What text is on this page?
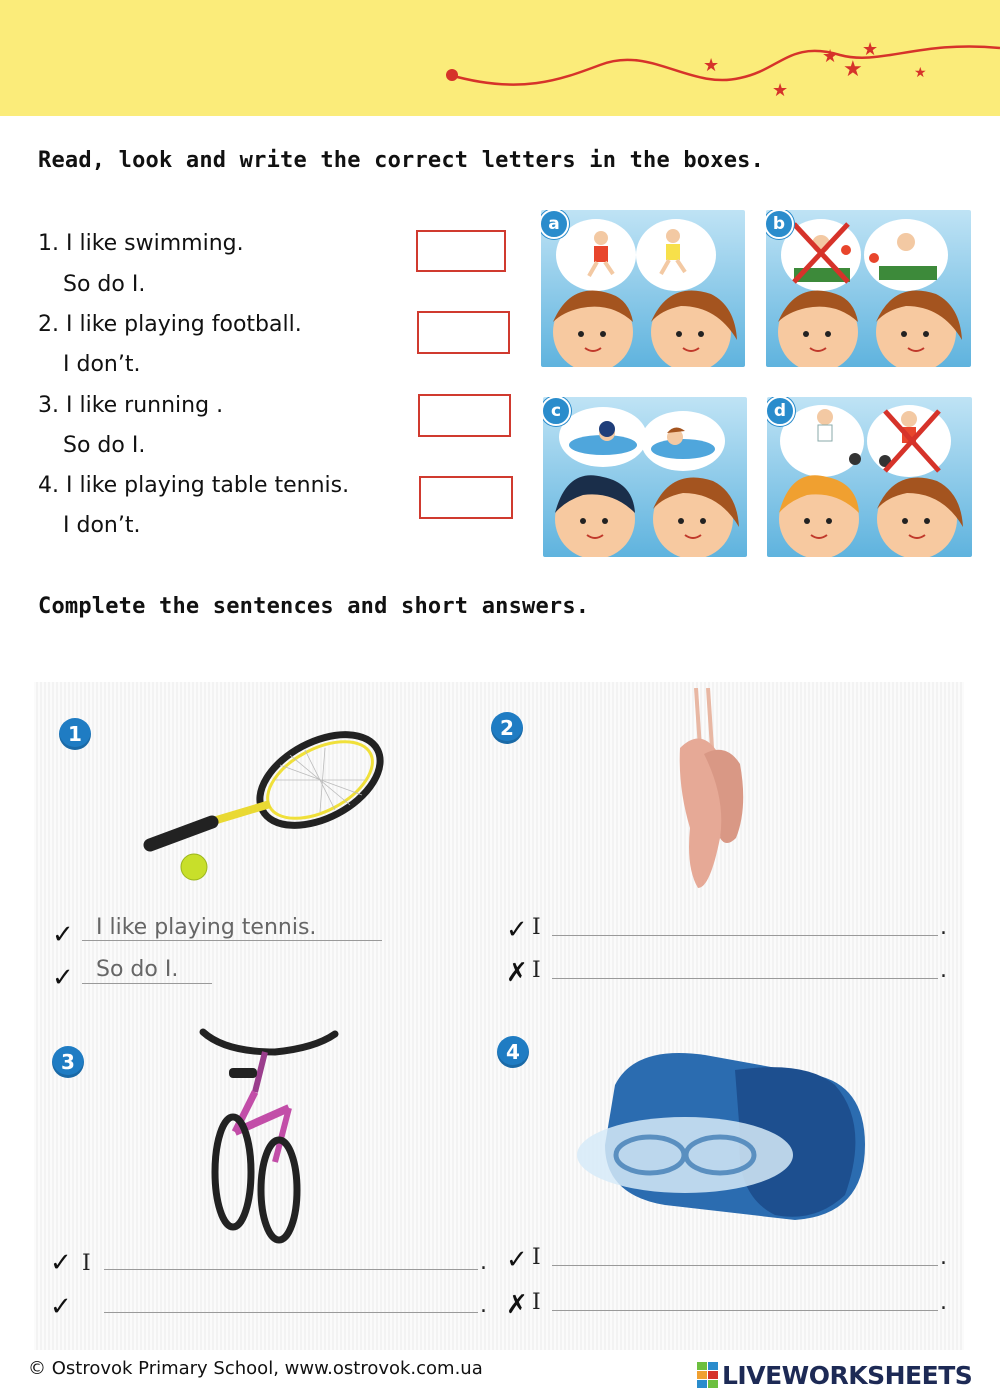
★
★
★
★
★
★
Read, look and write the correct letters in the boxes.
1. I like swimming.
So do I.
2. I like playing football.
I don’t.
3. I like running .
So do I.
4. I like playing table tennis.
I don’t.
a	b
c	d
Complete the sentences and short answers.
1
✓ I like playing tennis.
✓ So do I.
2
✓ I	.
✗ I	.
3
✓ I	.
✓	.
4
✓ I	.
✗ I	.
© Ostrovok Primary School, www.ostrovok.com.ua	LIVEWORKSHEETS
